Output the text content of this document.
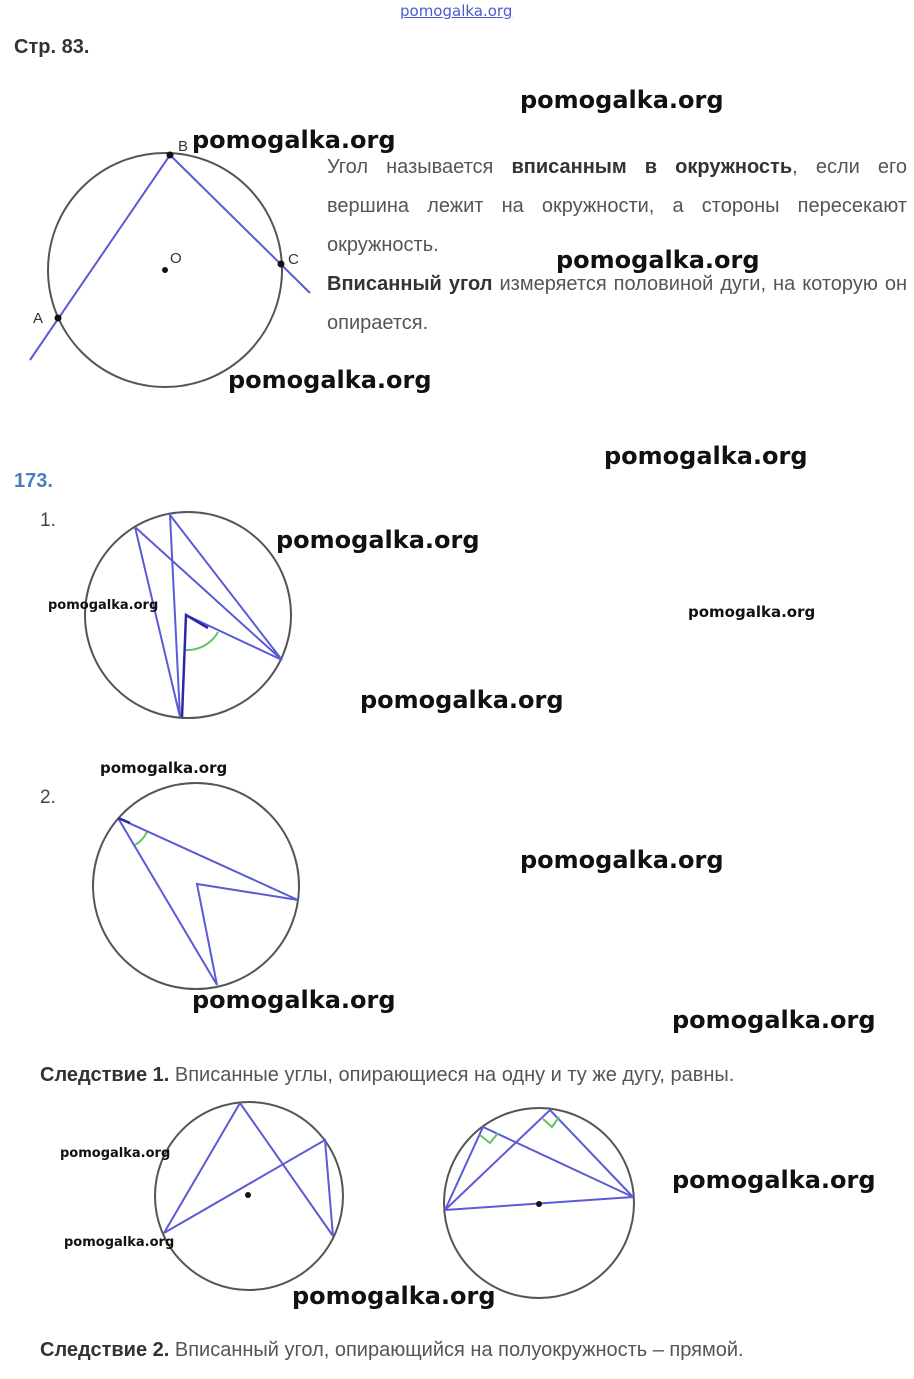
pomogalka.org
Стр. 83.
B
A
C
O
Угол называется вписанным в окружность, если его вершина лежит на окружности, а стороны пересекают окружность.
Вписанный угол измеряется половиной дуги, на которую он опирается.
173.
1.
2.
Следствие 1. Вписанные углы, опирающиеся на одну и ту же дугу, равны.
Следствие 2. Вписанный угол, опирающийся на полуокружность – прямой.
pomogalka.org
pomogalka.org
pomogalka.org
pomogalka.org
pomogalka.org
pomogalka.org
pomogalka.org	pomogalka.org
pomogalka.org
pomogalka.org
pomogalka.org
pomogalka.org
pomogalka.org
pomogalka.org
pomogalka.org
pomogalka.org
pomogalka.org
